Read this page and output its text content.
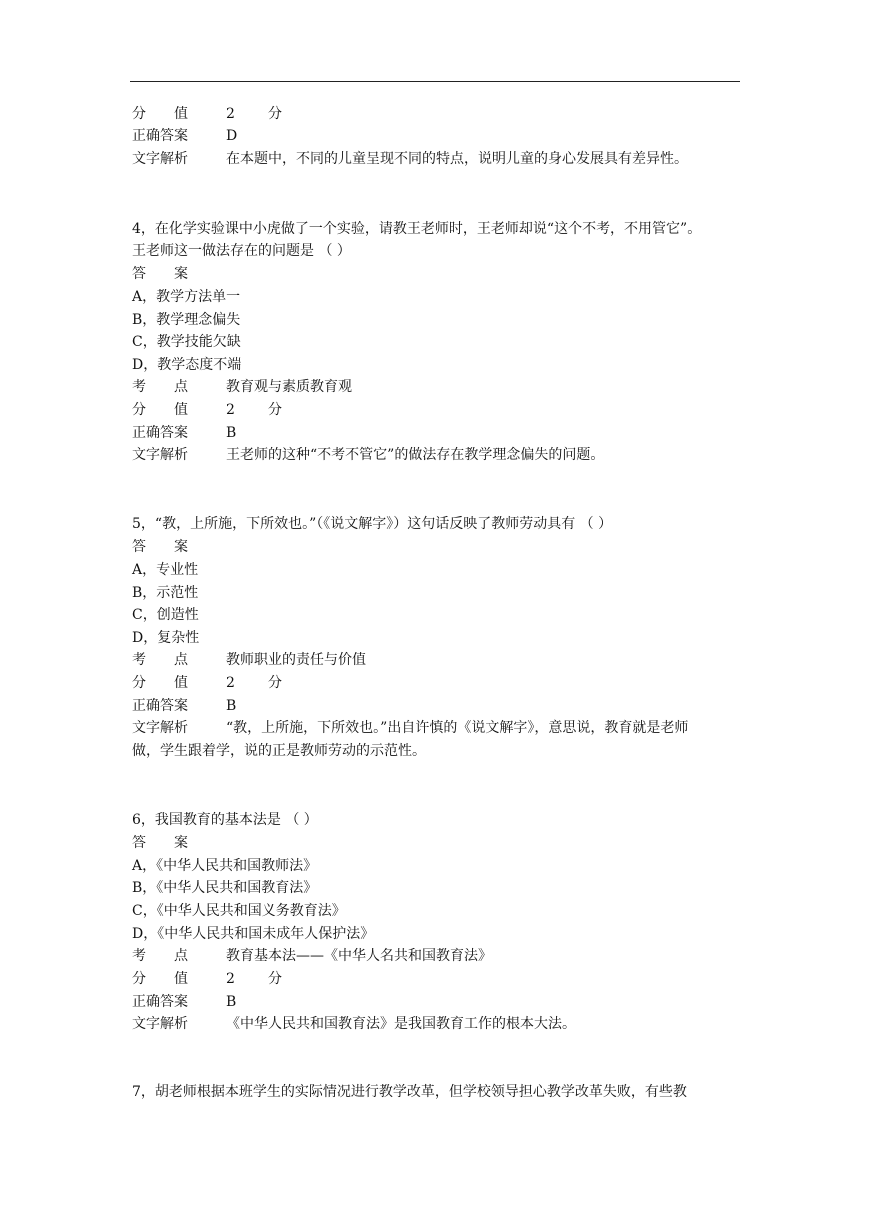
分　　值	2 分
正确答案	D
文字解析	在本题中，不同的儿童呈现不同的特点，说明儿童的身心发展具有差异性。
4，在化学实验课中小虎做了一个实验，请教王老师时，王老师却说“这个不考，不用管它”。
王老师这一做法存在的问题是 （ ）
答　　案
A，教学方法单一
B，教学理念偏失
C，教学技能欠缺
D，教学态度不端
考　　点	教育观与素质教育观
分　　值	2 分
正确答案	B
文字解析	王老师的这种“不考不管它”的做法存在教学理念偏失的问题。
5，“教，上所施，下所效也。”（《说文解字》）这句话反映了教师劳动具有 （ ）
答　　案
A，专业性
B，示范性
C，创造性
D，复杂性
考　　点	教师职业的责任与价值
分　　值	2 分
正确答案	B
文字解析	“教，上所施，下所效也。”出自许慎的《说文解字》，意思说，教育就是老师
做，学生跟着学，说的正是教师劳动的示范性。
6，我国教育的基本法是 （ ）
答　　案
A，《中华人民共和国教师法》
B，《中华人民共和国教育法》
C，《中华人民共和国义务教育法》
D，《中华人民共和国未成年人保护法》
考　　点	教育基本法——《中华人名共和国教育法》
分　　值	2 分
正确答案	B
文字解析	《中华人民共和国教育法》是我国教育工作的根本大法。
7，胡老师根据本班学生的实际情况进行教学改革，但学校领导担心教学改革失败，有些教
